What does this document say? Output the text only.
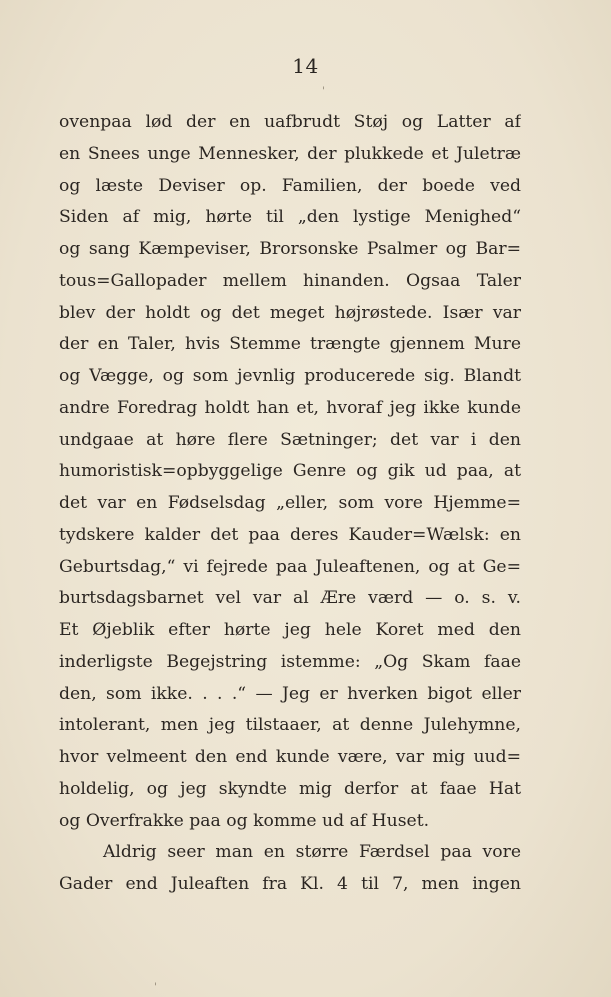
14
'
ovenpaa lød der en uafbrudt Støj og Latter af
en Snees unge Mennesker, der plukkede et Juletræ
og læste Deviser op. Familien, der boede ved
Siden af mig, hørte til „den lystige Menighed“
og sang Kæmpeviser, Brorsonske Psalmer og Bar=
tous=Gallopader mellem hinanden. Ogsaa Taler
blev der holdt og det meget højrøstede. Især var
der en Taler, hvis Stemme trængte gjennem Mure
og Vægge, og som jevnlig producerede sig. Blandt
andre Foredrag holdt han et, hvoraf jeg ikke kunde
undgaae at høre flere Sætninger; det var i den
humoristisk=opbyggelige Genre og gik ud paa, at
det var en Fødselsdag „eller, som vore Hjemme=
tydskere kalder det paa deres Kauder=Wælsk: en
Geburtsdag,“ vi fejrede paa Juleaftenen, og at Ge=
burtsdagsbarnet vel var al Ære værd — o. s. v.
Et Øjeblik efter hørte jeg hele Koret med den
inderligste Begejstring istemme: „Og Skam faae
den, som ikke. . . .“ — Jeg er hverken bigot eller
intolerant, men jeg tilstaaer, at denne Julehymne,
hvor velmeent den end kunde være, var mig uud=
holdelig, og jeg skyndte mig derfor at faae Hat
og Overfrakke paa og komme ud af Huset.
Aldrig seer man en større Færdsel paa vore
Gader end Juleaften fra Kl. 4 til 7, men ingen
'
